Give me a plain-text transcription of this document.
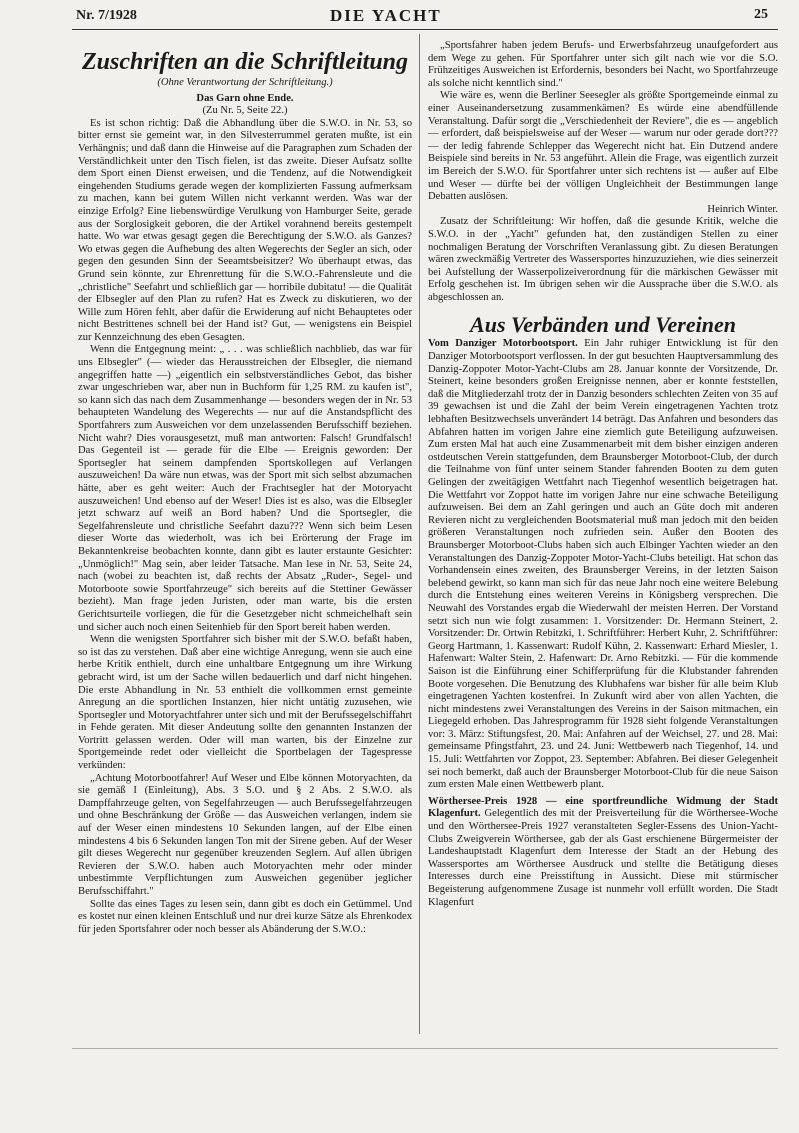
Nr. 7/1928	DIE YACHT	25
Zuschriften an die Schriftleitung
(Ohne Verantwortung der Schriftleitung.)
Das Garn ohne Ende.
(Zu Nr. 5, Seite 22.)

Es ist schon richtig: Daß die Abhandlung über die S.W.O. in Nr. 53, so bitter ernst sie gemeint war, in den Silvesterrummel geraten mußte, ist ein Verhängnis; und daß dann die Hinweise auf die Paragraphen zum Schaden der Verständlichkeit unter den Tisch fielen, ist das zweite. Dieser Aufsatz sollte dem Sport einen Dienst erweisen, und die Tendenz, auf die Notwendigkeit eingehenden Studiums gerade wegen der komplizierten Fassung aufmerksam zu machen, kann bei gutem Willen nicht verkannt werden. Was war der einzige Erfolg? Eine liebenswürdige Verulkung von Hamburger Seite, gerade aus der Sorglosigkeit geboren, die der Artikel vorahnend bereits gestempelt hatte. Wo war etwas gesagt gegen die Berechtigung der S.W.O. als Ganzes? Wo etwas gegen die Aufhebung des alten Wegerechts der Segler an sich, oder gegen den gesunden Sinn der Seeamtsbeisitzer? Wo überhaupt etwas, das Grund sein könnte, zur Ehrenrettung für die S.W.O.-Fahrensleute und die „christliche" Seefahrt und schließlich gar — horribile dubitatu! — die Qualität der Elbsegler auf den Plan zu rufen? Hat es Zweck zu diskutieren, wo der Wille zum Hören fehlt, aber dafür die Erwiderung auf nicht Behauptetes oder nicht Bestrittenes schnell bei der Hand ist? Gut, — wenigstens ein Beispiel zur Kennzeichnung des eben Gesagten.

Wenn die Entgegnung meint: „ . . . was schließlich nachblieb, das war für uns Elbsegler" (— wieder das Herausstreichen der Elbsegler, die niemand angegriffen hatte —) „eigentlich ein selbstverständliches Gebot, das bisher zwar ungeschrieben war, aber nun in Buchform für 1,25 RM. zu kaufen ist", so kann sich das nach dem Zusammenhange — besonders wegen der in Nr. 53 behaupteten Wandelung des Wegerechts — nur auf die Anstandspflicht des Sportfahrers zum Ausweichen vor dem unzelassenden Berufsschiff beziehen. Nicht wahr? Dies vorausgesetzt, muß man antworten: Falsch! Grundfalsch! Das Gegenteil ist — gerade für die Elbe — Ereignis geworden: Der Sportsegler hat seinem dampfenden Sportskollegen auf Verlangen auszuweichen! Da wäre nun etwas, was der Sport mit sich selbst abzumachen hätte, aber es geht weiter: Auch der Frachtsegler hat der Motoryacht auszuweichen! Und ebenso auf der Weser! Dies ist es also, was die Elbsegler jetzt schwarz auf weiß an Bord haben? Und die Sportsegler, die Segelfahrensleute und christliche Seefahrt dazu??? Wenn sich beim Lesen dieser Worte das wiederholt, was ich bei Erörterung der Frage im Bekanntenkreise beobachten konnte, dann gibt es lauter erstaunte Gesichter: „Unmöglich!" Mag sein, aber leider Tatsache. Man lese in Nr. 53, Seite 24, nach (wobei zu beachten ist, daß rechts der Absatz „Ruder-, Segel- und Motorboote sowie Sportfahrzeuge" sich bereits auf die Stettiner Gewässer bezieht). Man frage jeden Juristen, oder man warte, bis die ersten Gerichtsurteile vorliegen, die für die Gesetzgeber nicht schmeichelhaft sein und sicher auch noch einen Seitenhieb für den Sport bereit haben werden.

Wenn die wenigsten Sportfahrer sich bisher mit der S.W.O. befaßt haben, so ist das zu verstehen. Daß aber eine wichtige Anregung, wenn sie auch eine herbe Kritik enthielt, durch eine unhaltbare Entgegnung um ihre Wirkung gebracht wird, ist um der Sache willen bedauerlich und darf nicht hingehen. Die erste Abhandlung in Nr. 53 enthielt die vollkommen ernst gemeinte Anregung an die sportlichen Instanzen, hier nicht untätig zuzusehen, wie Sportsegler und Motoryachtfahrer unter sich und mit der Berufssegelschiffahrt in Fehde geraten. Mit dieser Andeutung sollte den genannten Instanzen der Vortritt gelassen werden. Oder will man warten, bis der Einzelne zur Sportgemeinde redet oder vielleicht die Sportbelagen der Tagespresse verkünden:

„Achtung Motorbootfahrer! Auf Weser und Elbe können Motoryachten, da sie gemäß I (Einleitung), Abs. 3 S.O. und § 2 Abs. 2 S.W.O. als Dampffahrzeuge gelten, von Segelfahrzeugen — auch Berufssegelfahrzeugen und ohne Beschränkung der Größe — das Ausweichen verlangen, indem sie auf der Weser einen mindestens 10 Sekunden langen, auf der Elbe einen mindestens 4 bis 6 Sekunden langen Ton mit der Sirene geben. Auf der Weser gilt dieses Wegerecht nur gegenüber kreuzenden Seglern. Auf allen übrigen Revieren der S.W.O. haben auch Motoryachten mehr oder minder unbestimmte Verpflichtungen zum Ausweichen gegenüber jeglicher Berufsschiffahrt."

Sollte das eines Tages zu lesen sein, dann gibt es doch ein Getümmel. Und es kostet nur einen kleinen Entschluß und nur drei kurze Sätze als Ehrenkodex für jeden Sportsfahrer oder noch besser als Abänderung der S.W.O.:

„Sportsfahrer haben jedem Berufs- und Erwerbsfahrzeug unaufgefordert aus dem Wege zu gehen. Für Sportfahrer unter sich gilt nach wie vor die S.O. Frühzeitiges Ausweichen ist Erfordernis, besonders bei Nacht, wo Sportfahrzeuge als solche nicht kenntlich sind."

Wie wäre es, wenn die Berliner Seesegler als größte Sportgemeinde einmal zu einer Auseinandersetzung zusammenkämen? Es würde eine abendfüllende Veranstaltung. Dafür sorgt die „Verschiedenheit der Reviere", die es — angeblich — erfordert, daß beispielsweise auf der Weser — warum nur oder gerade dort??? — der ledig fahrende Schlepper das Wegerecht nicht hat. Ein Dutzend andere Beispiele sind bereits in Nr. 53 angeführt. Allein die Frage, was eigentlich zurzeit im Bereich der S.W.O. für Sportfahrer unter sich rechtens ist — außer auf Elbe und Weser — dürfte bei der völligen Ungleichheit der Bestimmungen lange Debatten auslösen.

Heinrich Winter.

Zusatz der Schriftleitung: Wir hoffen, daß die gesunde Kritik, welche die S.W.O. in der „Yacht" gefunden hat, den zuständigen Stellen zu einer nochmaligen Beratung der Vorschriften Veranlassung gibt. Zu diesen Beratungen wären zweckmäßig Vertreter des Wassersportes hinzuzuziehen, wie dies seinerzeit bei Aufstellung der Wasserpolizeiverordnung für die märkischen Gewässer mit Erfolg geschehen ist. Im übrigen sehen wir die Aussprache über die S.W.O. als abgeschlossen an.

Aus Verbänden und Vereinen

Vom Danziger Motorbootsport. Ein Jahr ruhiger Entwicklung ist für den Danziger Motorbootsport verflossen. In der gut besuchten Hauptversammlung des Danzig-Zoppoter Motor-Yacht-Clubs am 28. Januar konnte der Vorsitzende, Dr. Steinert, keine besonders großen Ereignisse nennen, aber er konnte feststellen, daß die Mitgliederzahl trotz der in Danzig besonders schlechten Zeiten von 35 auf 39 gewachsen ist und die Zahl der beim Verein eingetragenen Yachten trotz lebhaften Besitzwechsels unverändert 14 beträgt. Das Anfahren und besonders das Abfahren hatten im vorigen Jahre eine ziemlich gute Beteiligung aufzuweisen. Zum ersten Mal hat auch eine Zusammenarbeit mit dem bisher einzigen anderen ostdeutschen Verein stattgefunden, dem Braunsberger Motorboot-Club, der durch die Teilnahme von fünf unter seinem Stander fahrenden Booten zu dem guten Gelingen der zweitägigen Wettfahrt nach Tiegenhof wesentlich beigetragen hat. Die Wettfahrt vor Zoppot hatte im vorigen Jahre nur eine schwache Beteiligung aufzuweisen. Bei dem an Zahl geringen und auch an Güte doch mit anderen Revieren nicht zu vergleichenden Bootsmaterial muß man jedoch mit den beiden größeren Veranstaltungen noch zufrieden sein. Außer den Booten des Braunsberger Motorboot-Clubs haben sich auch Elbinger Yachten wieder an den Veranstaltungen des Danzig-Zoppoter Motor-Yacht-Clubs beteiligt. Hat schon das Vorhandensein eines zweiten, des Braunsberger Vereins, in der letzten Saison belebend gewirkt, so kann man sich für das neue Jahr noch eine weitere Belebung durch die Entstehung eines weiteren Vereins in Königsberg versprechen. Die Neuwahl des Vorstandes ergab die Wiederwahl der meisten Herren. Der Vorstand setzt sich nun wie folgt zusammen: 1. Vorsitzender: Dr. Hermann Steinert, 2. Vorsitzender: Dr. Ortwin Rebitzki, 1. Schriftführer: Herbert Kuhr, 2. Schriftführer: Georg Hartmann, 1. Kassenwart: Rudolf Kühn, 2. Kassenwart: Erhard Miesler, 1. Hafenwart: Walter Stein, 2. Hafenwart: Dr. Arno Rebitzki. — Für die kommende Saison ist die Einführung einer Schifferprüfung für die Klubstander fahrenden Boote vorgesehen. Die Benutzung des Klubhafens war bisher für alle beim Klub eingetragenen Yachten kostenfrei. In Zukunft wird aber von allen Yachten, die nicht mindestens zwei Veranstaltungen des Vereins in der Saison mitmachen, ein Liegegeld erhoben. Das Jahresprogramm für 1928 sieht folgende Veranstaltungen vor: 3. März: Stiftungsfest, 20. Mai: Anfahren auf der Weichsel, 27. und 28. Mai: gemeinsame Pfingstfahrt, 23. und 24. Juni: Wettbewerb nach Tiegenhof, 14. und 15. Juli: Wettfahrten vor Zoppot, 23. September: Abfahren. Bei dieser Gelegenheit sei noch bemerkt, daß auch der Braunsberger Motorboot-Club für die neue Saison zum ersten Male einen Wettbewerb plant.

Wörthersee-Preis 1928 — eine sportfreundliche Widmung der Stadt Klagenfurt. Gelegentlich des mit der Preisverteilung für die Wörthersee-Woche und den Wörthersee-Preis 1927 veranstalteten Segler-Essens des Union-Yacht-Clubs Zweigverein Wörthersee, gab der als Gast erschienene Bürgermeister der Landeshauptstadt Klagenfurt dem Interesse der Stadt an der Hebung des Wassersportes am Wörthersee Ausdruck und stellte die Betätigung dieses Interesses durch eine Preisstiftung in Aussicht. Diese mit stürmischer Begeisterung aufgenommene Zusage ist nunmehr voll erfüllt worden. Die Stadt Klagenfurt
